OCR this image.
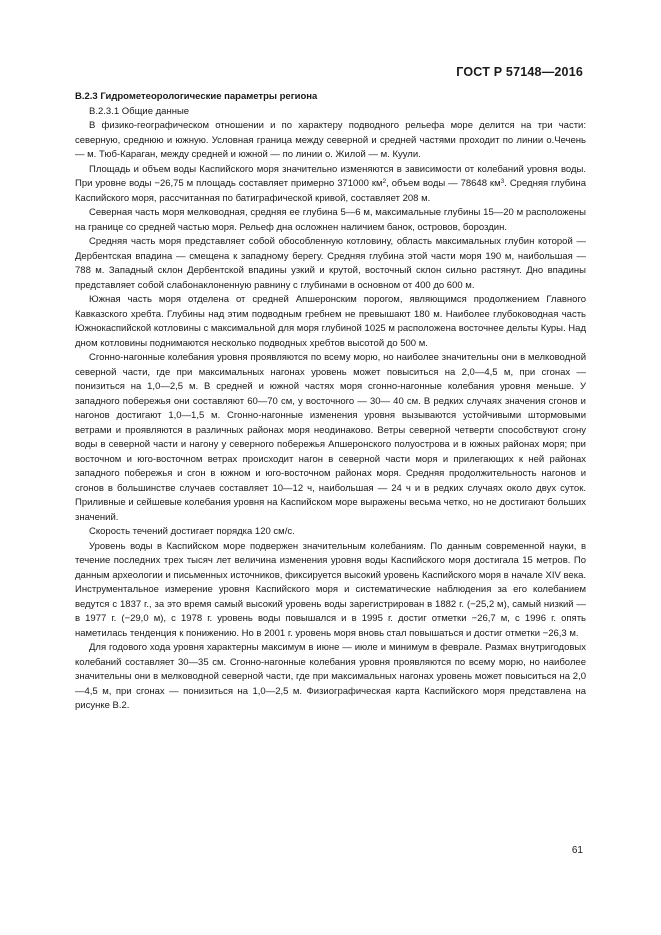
ГОСТ Р 57148—2016

В.2.3 Гидрометеорологические параметры региона

В.2.3.1 Общие данные

В физико-географическом отношении и по характеру подводного рельефа море делится на три части: северную, среднюю и южную. Условная граница между северной и средней частями проходит по линии о.Чечень — м. Тюб-Караган, между средней и южной — по линии о. Жилой — м. Куули.

Площадь и объем воды Каспийского моря значительно изменяются в зависимости от колебаний уровня воды. При уровне воды −26,75 м площадь составляет примерно 371000 $км^2$, объем воды — 78648 $км^3$. Средняя глубина Каспийского моря, рассчитанная по батиграфической кривой, составляет 208 м.

Северная часть моря мелководная, средняя ее глубина 5—6 м, максимальные глубины 15—20 м расположены на границе со средней частью моря. Рельеф дна осложнен наличием банок, островов, бороздин.

Средняя часть моря представляет собой обособленную котловину, область максимальных глубин которой — Дербентская впадина — смещена к западному берегу. Средняя глубина этой части моря 190 м, наибольшая — 788 м. Западный склон Дербентской впадины узкий и крутой, восточный склон сильно растянут. Дно впадины представляет собой слабонаклоненную равнину с глубинами в основном от 400 до 600 м.

Южная часть моря отделена от средней Апшеронским порогом, являющимся продолжением Главного Кавказского хребта. Глубины над этим подводным гребнем не превышают 180 м. Наиболее глубоководная часть Южнокаспийской котловины с максимальной для моря глубиной 1025 м расположена восточнее дельты Куры. Над дном котловины поднимаются несколько подводных хребтов высотой до 500 м.

Сгонно-нагонные колебания уровня проявляются по всему морю, но наиболее значительны они в мелководной северной части, где при максимальных нагонах уровень может повыситься на 2,0—4,5 м, при сгонах — понизиться на 1,0—2,5 м. В средней и южной частях моря сгонно-нагонные колебания уровня меньше. У западного побережья они составляют 60—70 см, у восточного — 30— 40 см. В редких случаях значения сгонов и нагонов достигают 1,0—1,5 м. Сгонно-нагонные изменения уровня вызываются устойчивыми штормовыми ветрами и проявляются в различных районах моря неодинаково. Ветры северной четверти способствуют сгону воды в северной части и нагону у северного побережья Апшеронского полуострова и в южных районах моря; при восточном и юго-восточном ветрах происходит нагон в северной части моря и прилегающих к ней районах западного побережья и сгон в южном и юго-восточном районах моря. Средняя продолжительность нагонов и сгонов в большинстве случаев составляет 10—12 ч, наибольшая — 24 ч и в редких случаях около двух суток. Приливные и сейшевые колебания уровня на Каспийском море выражены весьма четко, но не достигают больших значений.

Скорость течений достигает порядка 120 см/с.

Уровень воды в Каспийском море подвержен значительным колебаниям. По данным современной науки, в течение последних трех тысяч лет величина изменения уровня воды Каспийского моря достигала 15 метров. По данным археологии и письменных источников, фиксируется высокий уровень Каспийского моря в начале XIV века. Инструментальное измерение уровня Каспийского моря и систематические наблюдения за его колебанием ведутся с 1837 г., за это время самый высокий уровень воды зарегистрирован в 1882 г. (−25,2 м), самый низкий — в 1977 г. (−29,0 м), с 1978 г. уровень воды повышался и в 1995 г. достиг отметки −26,7 м, с 1996 г. опять наметилась тенденция к понижению. Но в 2001 г. уровень моря вновь стал повышаться и достиг отметки −26,3 м.

Для годового хода уровня характерны максимум в июне — июле и минимум в феврале. Размах внутригодовых колебаний составляет 30—35 см. Сгонно-нагонные колебания уровня проявляются по всему морю, но наиболее значительны они в мелководной северной части, где при максимальных нагонах уровень может повыситься на 2,0—4,5 м, при сгонах — понизиться на 1,0—2,5 м. Физиографическая карта Каспийского моря представлена на рисунке В.2.

61
